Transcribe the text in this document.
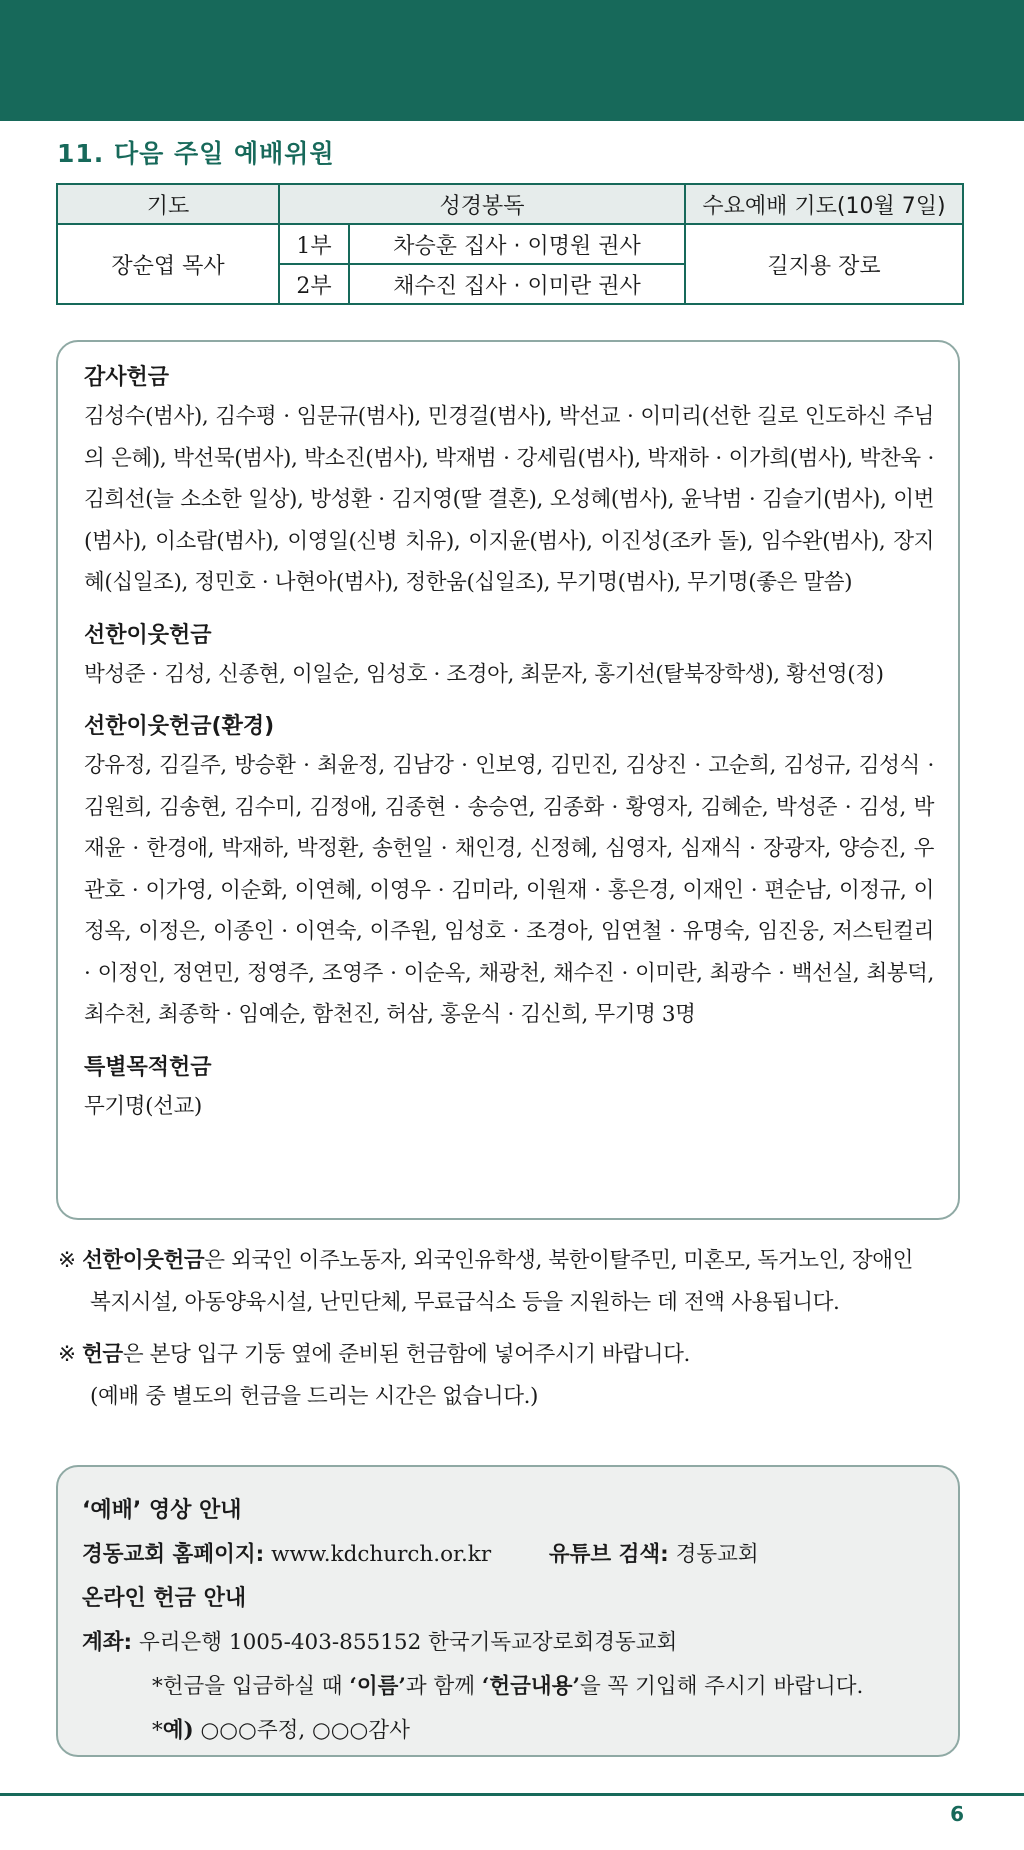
11. 다음 주일 예배위원
기도	성경봉독		수요예배 기도(10월 7일)
장순엽 목사	1부	차승훈 집사 · 이명원 권사	길지용 장로
	2부	채수진 집사 · 이미란 권사	
감사헌금

김성수(범사), 김수평 · 임문규(범사), 민경걸(범사), 박선교 · 이미리(선한 길로 인도하신 주님의 은혜), 박선묵(범사), 박소진(범사), 박재범 · 강세림(범사), 박재하 · 이가희(범사), 박찬욱 · 김희선(늘 소소한 일상), 방성환 · 김지영(딸 결혼), 오성혜(범사), 윤낙범 · 김슬기(범사), 이번(범사), 이소람(범사), 이영일(신병 치유), 이지윤(범사), 이진성(조카 돌), 임수완(범사), 장지혜(십일조), 정민호 · 나현아(범사), 정한움(십일조), 무기명(범사), 무기명(좋은 말씀)

선한이웃헌금

박성준 · 김성, 신종현, 이일순, 임성호 · 조경아, 최문자, 홍기선(탈북장학생), 황선영(정)

선한이웃헌금(환경)

강유정, 김길주, 방승환 · 최윤정, 김남강 · 인보영, 김민진, 김상진 · 고순희, 김성규, 김성식 · 김원희, 김송현, 김수미, 김정애, 김종현 · 송승연, 김종화 · 황영자, 김혜순, 박성준 · 김성, 박재윤 · 한경애, 박재하, 박정환, 송헌일 · 채인경, 신정혜, 심영자, 심재식 · 장광자, 양승진, 우관호 · 이가영, 이순화, 이연혜, 이영우 · 김미라, 이원재 · 홍은경, 이재인 · 편순남, 이정규, 이정옥, 이정은, 이종인 · 이연숙, 이주원, 임성호 · 조경아, 임연철 · 유명숙, 임진웅, 저스틴컬리 · 이정인, 정연민, 정영주, 조영주 · 이순옥, 채광천, 채수진 · 이미란, 최광수 · 백선실, 최봉덕, 최수천, 최종학 · 임예순, 함천진, 허삼, 홍운식 · 김신희, 무기명 3명

특별목적헌금

무기명(선교)

※ 선한이웃헌금은 외국인 이주노동자, 외국인유학생, 북한이탈주민, 미혼모, 독거노인, 장애인
복지시설, 아동양육시설, 난민단체, 무료급식소 등을 지원하는 데 전액 사용됩니다.
※ 헌금은 본당 입구 기둥 옆에 준비된 헌금함에 넣어주시기 바랍니다.
(예배 중 별도의 헌금을 드리는 시간은 없습니다.)
‘예배’ 영상 안내
경동교회 홈페이지: www.kdchurch.or.kr	유튜브 검색: 경동교회
온라인 헌금 안내
계좌: 우리은행 1005-403-855152 한국기독교장로회경동교회
*헌금을 입금하실 때 ‘이름’과 함께 ‘헌금내용’을 꼭 기입해 주시기 바랍니다.
*예) ○○○주정, ○○○감사
6
